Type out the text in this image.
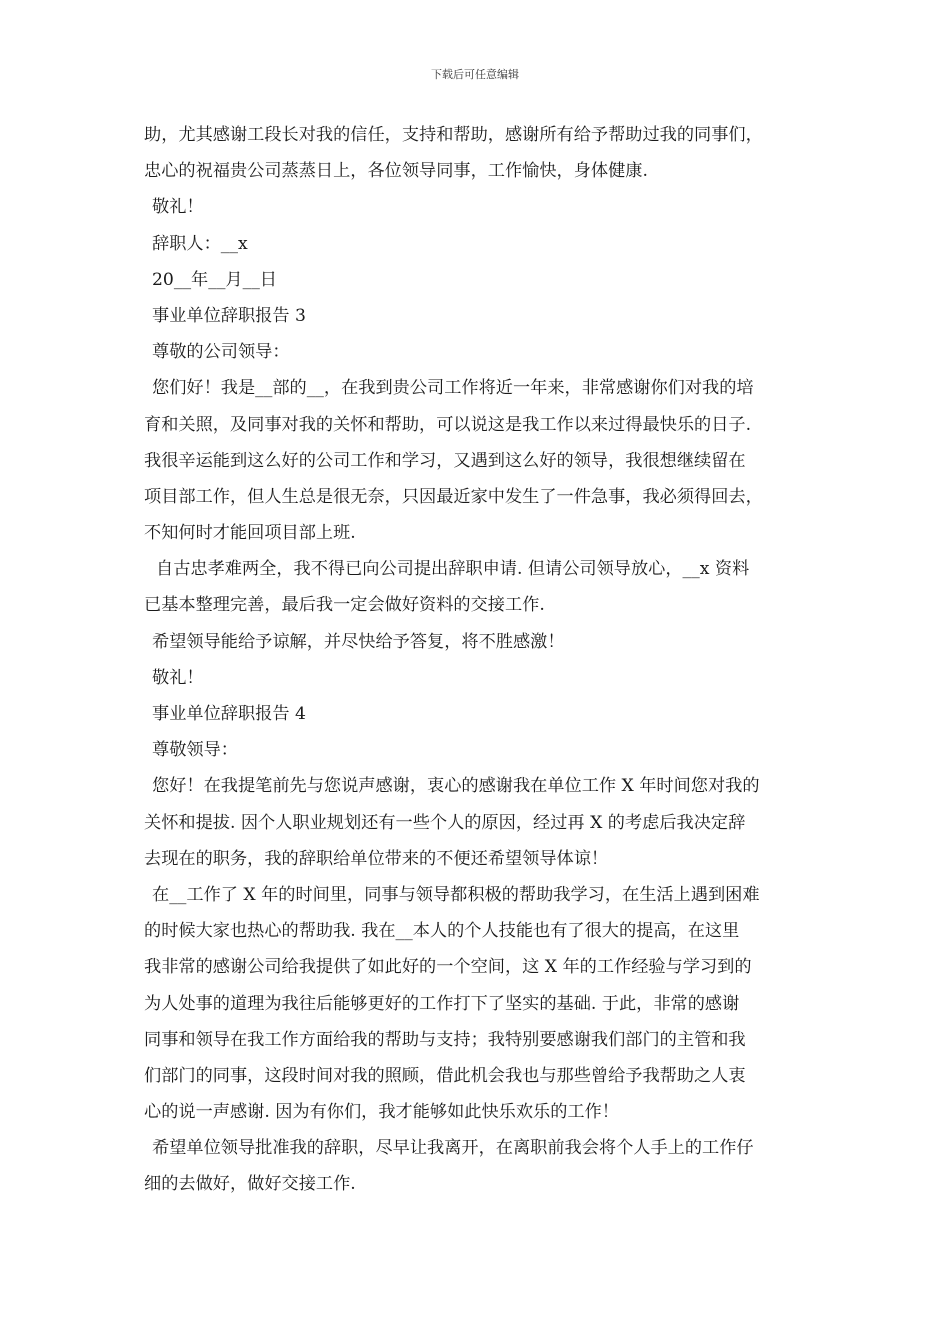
下载后可任意编辑
助，尤其感谢工段长对我的信任，支持和帮助，感谢所有给予帮助过我的同事们，
忠心的祝福贵公司蒸蒸日上，各位领导同事，工作愉快，身体健康.
敬礼！
辞职人：__x
20__年__月__日
事业单位辞职报告 3
尊敬的公司领导：
您们好！我是__部的__，在我到贵公司工作将近一年来，非常感谢你们对我的培
育和关照，及同事对我的关怀和帮助，可以说这是我工作以来过得最快乐的日子.
我很辛运能到这么好的公司工作和学习，又遇到这么好的领导，我很想继续留在
项目部工作，但人生总是很无奈，只因最近家中发生了一件急事，我必须得回去，
不知何时才能回项目部上班.
自古忠孝难两全，我不得已向公司提出辞职申请. 但请公司领导放心，__x 资料
已基本整理完善，最后我一定会做好资料的交接工作.
希望领导能给予谅解，并尽快给予答复，将不胜感激！
敬礼！
事业单位辞职报告 4
尊敬领导：
您好！在我提笔前先与您说声感谢，衷心的感谢我在单位工作 X 年时间您对我的
关怀和提拔. 因个人职业规划还有一些个人的原因，经过再 X 的考虑后我决定辞
去现在的职务，我的辞职给单位带来的不便还希望领导体谅！
在__工作了 X 年的时间里，同事与领导都积极的帮助我学习，在生活上遇到困难
的时候大家也热心的帮助我. 我在__本人的个人技能也有了很大的提高，在这里
我非常的感谢公司给我提供了如此好的一个空间，这 X 年的工作经验与学习到的
为人处事的道理为我往后能够更好的工作打下了坚实的基础. 于此，非常的感谢
同事和领导在我工作方面给我的帮助与支持；我特别要感谢我们部门的主管和我
们部门的同事，这段时间对我的照顾，借此机会我也与那些曾给予我帮助之人衷
心的说一声感谢. 因为有你们，我才能够如此快乐欢乐的工作！
希望单位领导批准我的辞职，尽早让我离开，在离职前我会将个人手上的工作仔
细的去做好，做好交接工作.
